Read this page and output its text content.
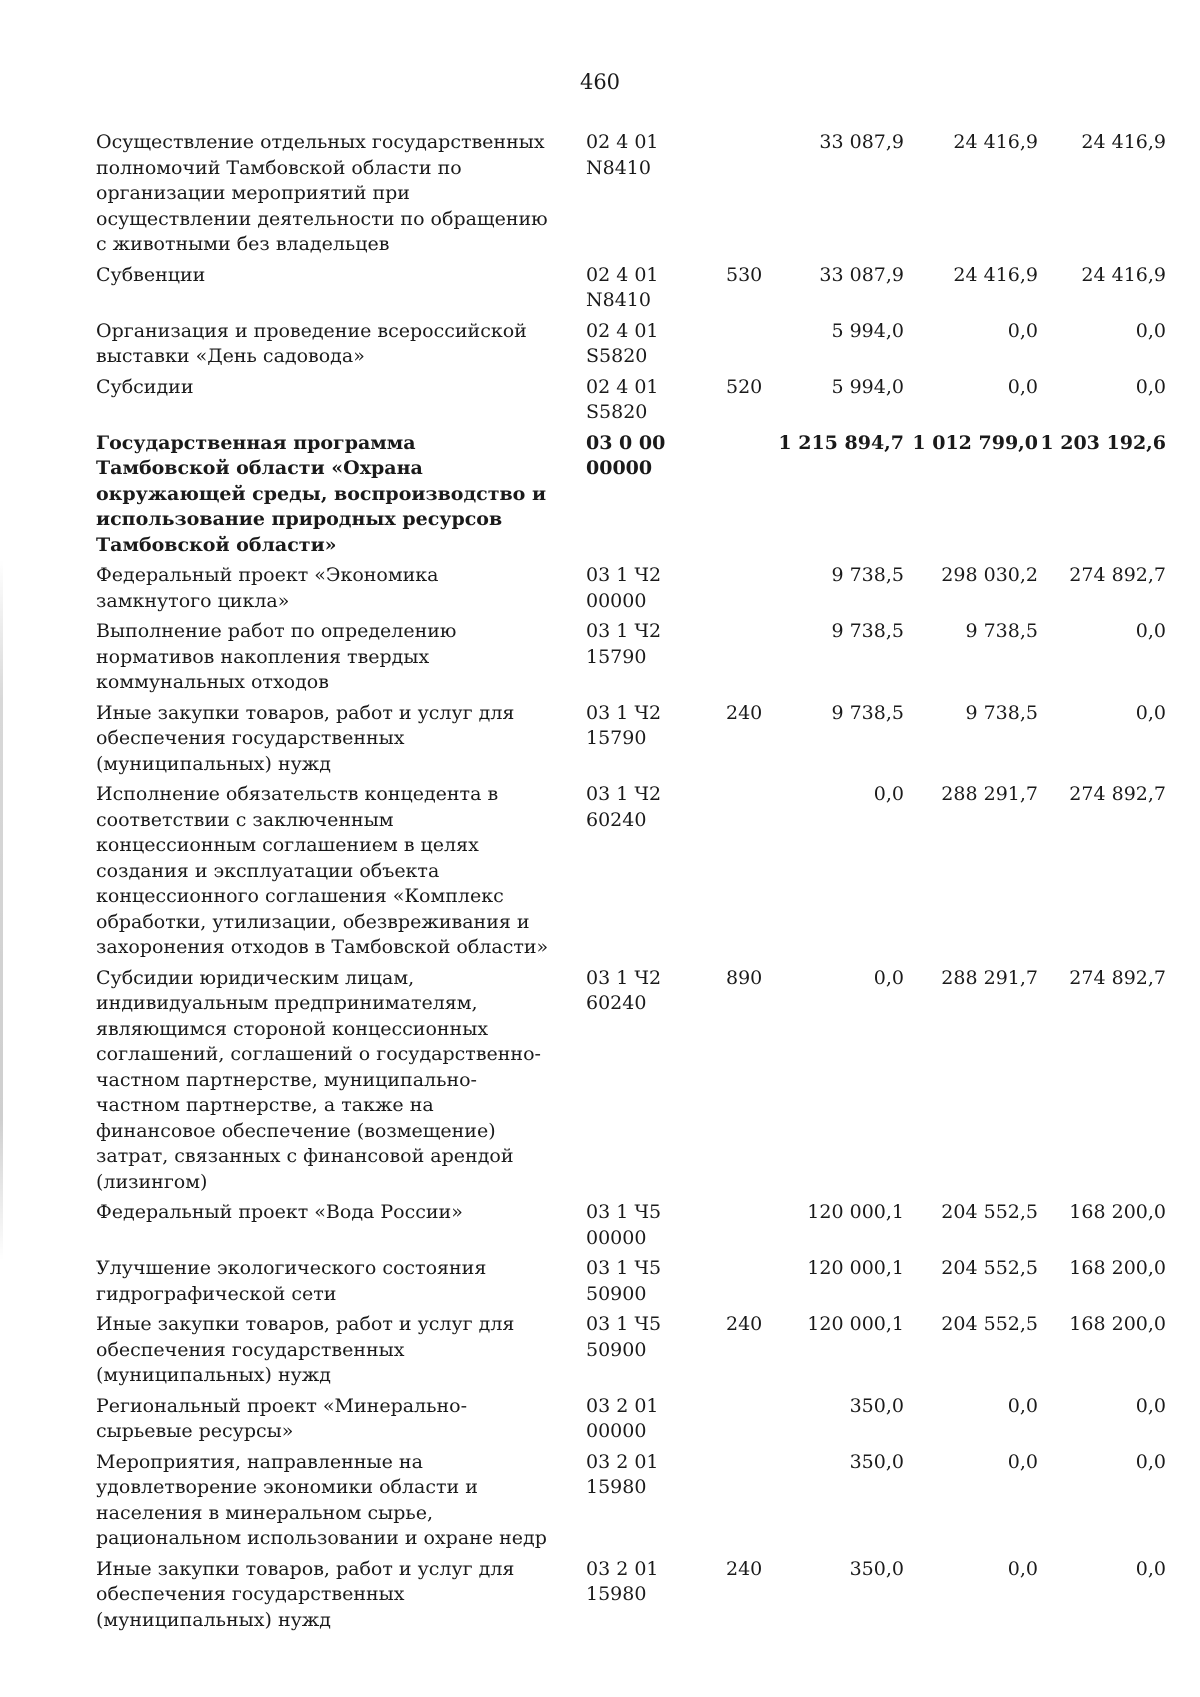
460
Осуществление отдельных государственных полномочий Тамбовской области по организации мероприятий при осуществлении деятельности по обращению с животными без владельцев	02 4 01 N8410		33 087,9	24 416,9	24 416,9
Субвенции	02 4 01 N8410	530	33 087,9	24 416,9	24 416,9
Организация и проведение всероссийской выставки «День садовода»	02 4 01 S5820		5 994,0	0,0	0,0
Субсидии	02 4 01 S5820	520	5 994,0	0,0	0,0
Государственная программа Тамбовской области «Охрана окружающей среды, воспроизводство и использование природных ресурсов Тамбовской области»	03 0 00 00000		1 215 894,7	1 012 799,0	1 203 192,6
Федеральный проект «Экономика замкнутого цикла»	03 1 Ч2 00000		9 738,5	298 030,2	274 892,7
Выполнение работ по определению нормативов накопления твердых коммунальных отходов	03 1 Ч2 15790		9 738,5	9 738,5	0,0
Иные закупки товаров, работ и услуг для обеспечения государственных (муниципальных) нужд	03 1 Ч2 15790	240	9 738,5	9 738,5	0,0
Исполнение обязательств концедента в соответствии с заключенным концессионным соглашением в целях создания и эксплуатации объекта концессионного соглашения «Комплекс обработки, утилизации, обезвреживания и захоронения отходов в Тамбовской области»	03 1 Ч2 60240		0,0	288 291,7	274 892,7
Субсидии юридическим лицам, индивидуальным предпринимателям, являющимся стороной концессионных соглашений, соглашений о государственно-частном партнерстве, муниципально-частном партнерстве, а также на финансовое обеспечение (возмещение) затрат, связанных с финансовой арендой (лизингом)	03 1 Ч2 60240	890	0,0	288 291,7	274 892,7
Федеральный проект «Вода России»	03 1 Ч5 00000		120 000,1	204 552,5	168 200,0
Улучшение экологического состояния гидрографической сети	03 1 Ч5 50900		120 000,1	204 552,5	168 200,0
Иные закупки товаров, работ и услуг для обеспечения государственных (муниципальных) нужд	03 1 Ч5 50900	240	120 000,1	204 552,5	168 200,0
Региональный проект «Минерально-сырьевые ресурсы»	03 2 01 00000		350,0	0,0	0,0
Мероприятия, направленные на удовлетворение экономики области и населения в минеральном сырье, рациональном использовании и охране недр	03 2 01 15980		350,0	0,0	0,0
Иные закупки товаров, работ и услуг для обеспечения государственных (муниципальных) нужд	03 2 01 15980	240	350,0	0,0	0,0
